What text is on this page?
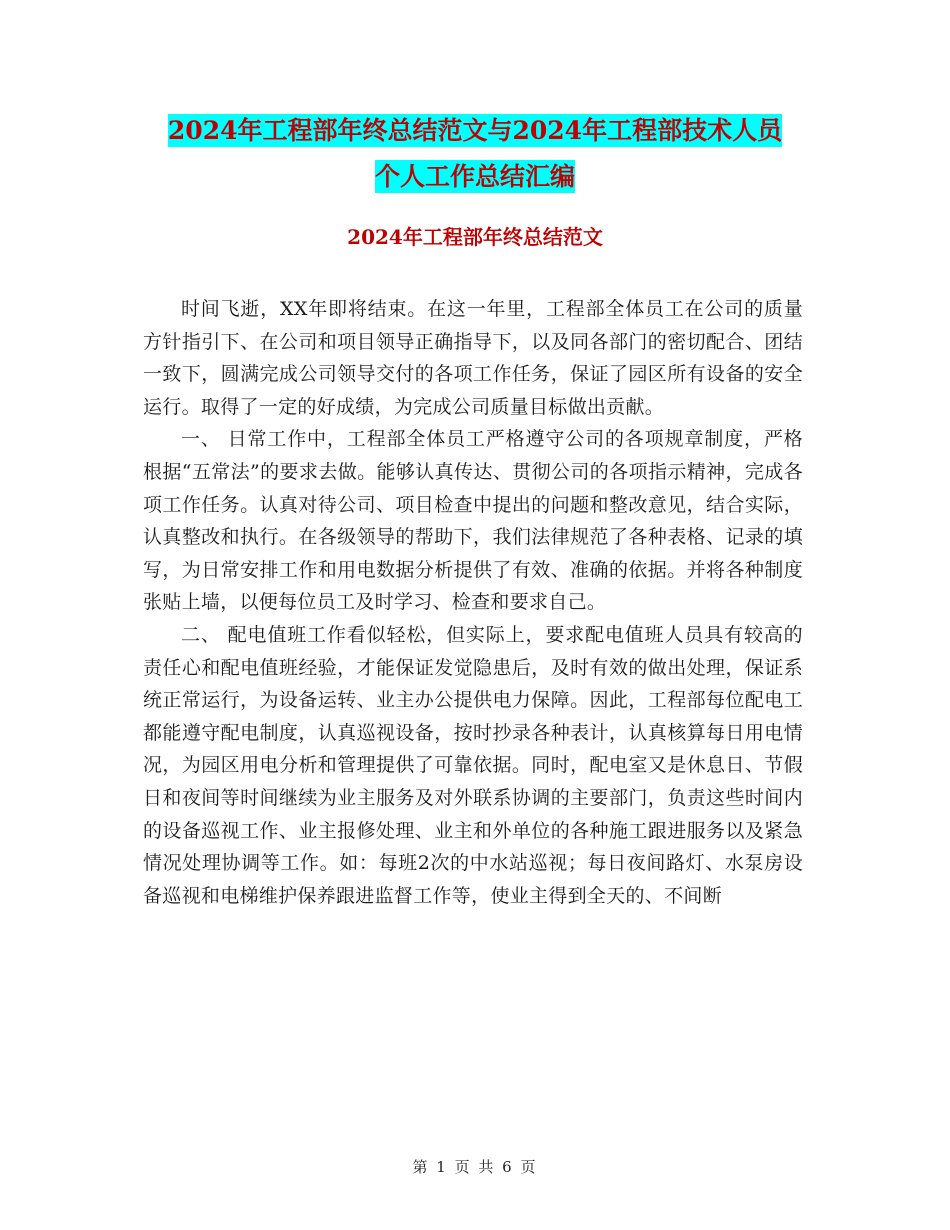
2024年工程部年终总结范文与2024年工程部技术人员
个人工作总结汇编
2024年工程部年终总结范文

时间飞逝，XX年即将结束。在这一年里，工程部全体员工在公司的质量方针指引下、在公司和项目领导正确指导下，以及同各部门的密切配合、团结一致下，圆满完成公司领导交付的各项工作任务，保证了园区所有设备的安全运行。取得了一定的好成绩，为完成公司质量目标做出贡献。

一、 日常工作中，工程部全体员工严格遵守公司的各项规章制度，严格根据“五常法”的要求去做。能够认真传达、贯彻公司的各项指示精神，完成各项工作任务。认真对待公司、项目检查中提出的问题和整改意见，结合实际，认真整改和执行。在各级领导的帮助下，我们法律规范了各种表格、记录的填写，为日常安排工作和用电数据分析提供了有效、准确的依据。并将各种制度张贴上墙，以便每位员工及时学习、检查和要求自己。

二、 配电值班工作看似轻松，但实际上，要求配电值班人员具有较高的责任心和配电值班经验，才能保证发觉隐患后，及时有效的做出处理，保证系统正常运行，为设备运转、业主办公提供电力保障。因此，工程部每位配电工都能遵守配电制度，认真巡视设备，按时抄录各种表计，认真核算每日用电情况，为园区用电分析和管理提供了可靠依据。同时，配电室又是休息日、节假日和夜间等时间继续为业主服务及对外联系协调的主要部门，负责这些时间内的设备巡视工作、业主报修处理、业主和外单位的各种施工跟进服务以及紧急情况处理协调等工作。如：每班2次的中水站巡视；每日夜间路灯、水泵房设备巡视和电梯维护保养跟进监督工作等，使业主得到全天的、不间断

第 1 页 共 6 页
